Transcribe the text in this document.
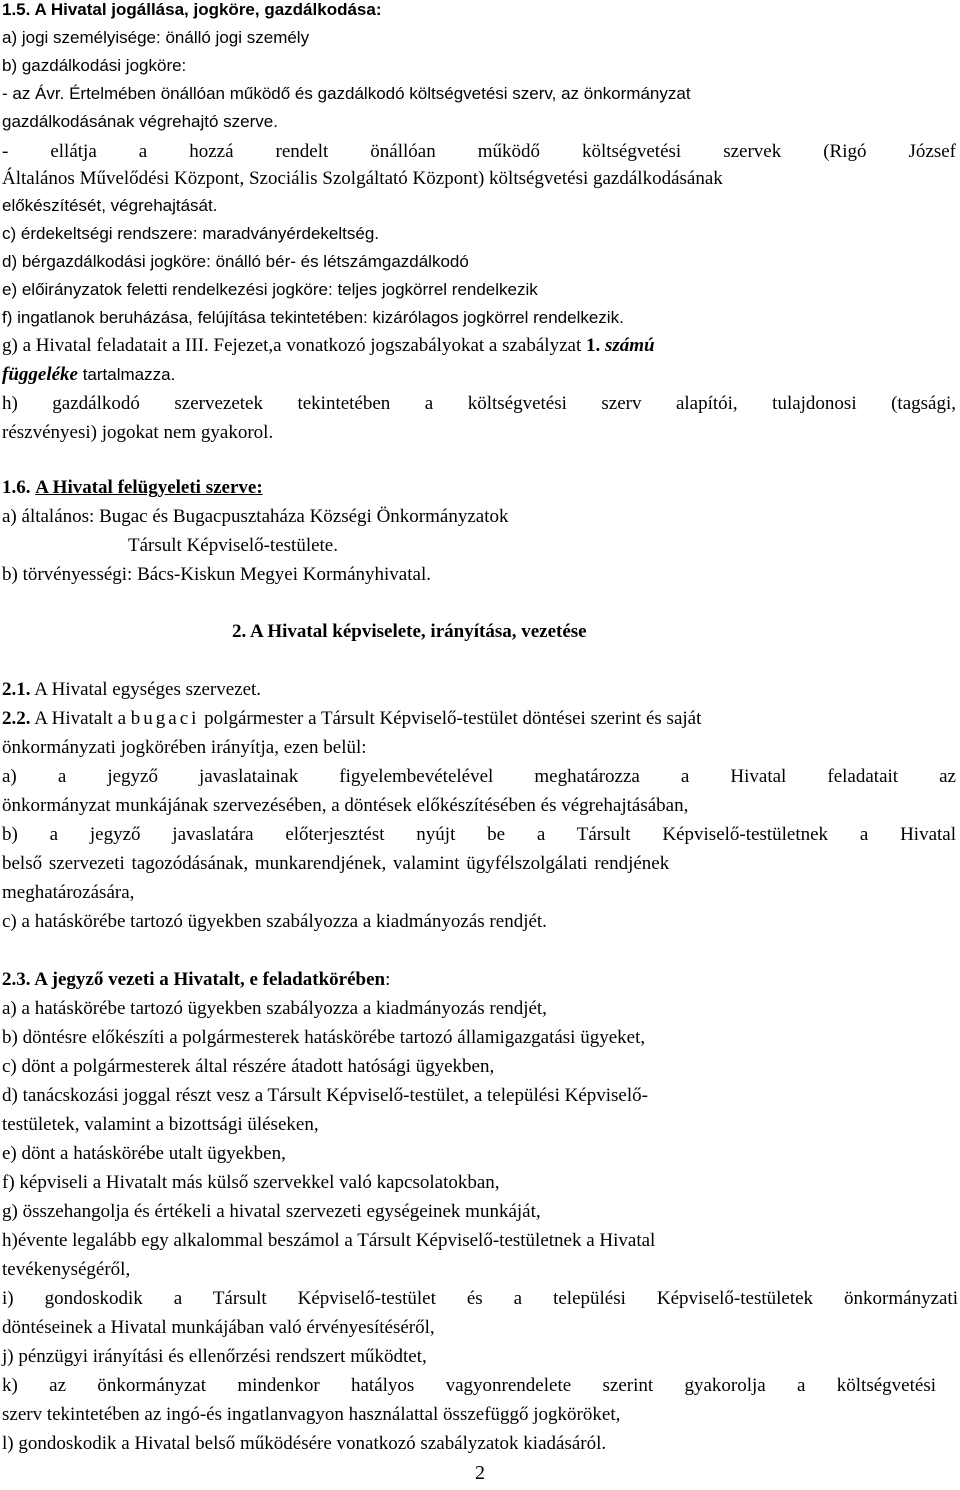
1.5. A Hivatal jogállása, jogköre, gazdálkodása:

a) jogi személyisége: önálló jogi személy

b) gazdálkodási jogköre:

- az Ávr. Értelmében önállóan működő és gazdálkodó költségvetési szerv, az önkormányzat

gazdálkodásának végrehajtó szerve.

- ellátja a hozzá rendelt önállóan működő költségvetési szervek (Rigó József

Általános Művelődési Központ, Szociális Szolgáltató Központ) költségvetési gazdálkodásának

előkészítését, végrehajtását.

c) érdekeltségi rendszere: maradványérdekeltség.

d) bérgazdálkodási jogköre: önálló bér- és létszámgazdálkodó

e) előirányzatok feletti rendelkezési jogköre: teljes jogkörrel rendelkezik

f) ingatlanok beruházása, felújítása tekintetében: kizárólagos jogkörrel rendelkezik.

g) a Hivatal feladatait a III. Fejezet,a vonatkozó jogszabályokat a szabályzat 1. számú

függeléke tartalmazza.

h) gazdálkodó szervezetek tekintetében a költségvetési szerv alapítói, tulajdonosi (tagsági,

részvényesi) jogokat nem gyakorol.

1.6. A Hivatal felügyeleti szerve:

a) általános: Bugac és Bugacpusztaháza Községi Önkormányzatok

Társult Képviselő-testülete.

b) törvényességi: Bács-Kiskun Megyei Kormányhivatal.

2. A Hivatal képviselete, irányítása, vezetése

2.1. A Hivatal egységes szervezet.

2.2. A Hivatalt a bugaci polgármester a Társult Képviselő-testület döntései szerint és saját

önkormányzati jogkörében irányítja, ezen belül:

a) a jegyző javaslatainak figyelembevételével meghatározza a Hivatal feladatait az

önkormányzat munkájának szervezésében, a döntések előkészítésében és végrehajtásában,

b) a jegyző javaslatára előterjesztést nyújt be a Társult Képviselő-testületnek a Hivatal

belső szervezeti tagozódásának, munkarendjének, valamint ügyfélszolgálati rendjének

meghatározására,

c) a hatáskörébe tartozó ügyekben szabályozza a kiadmányozás rendjét.

2.3. A jegyző vezeti a Hivatalt, e feladatkörében:

a) a hatáskörébe tartozó ügyekben szabályozza a kiadmányozás rendjét,

b) döntésre előkészíti a polgármesterek hatáskörébe tartozó államigazgatási ügyeket,

c) dönt a polgármesterek által részére átadott hatósági ügyekben,

d) tanácskozási joggal részt vesz a Társult Képviselő-testület, a települési Képviselő-

testületek, valamint a bizottsági üléseken,

e) dönt a hatáskörébe utalt ügyekben,

f) képviseli a Hivatalt más külső szervekkel való kapcsolatokban,

g) összehangolja és értékeli a hivatal szervezeti egységeinek munkáját,

h)évente legalább egy alkalommal beszámol a Társult Képviselő-testületnek a Hivatal

tevékenységéről,

i) gondoskodik a Társult Képviselő-testület és a települési Képviselő-testületek önkormányzati

döntéseinek a Hivatal munkájában való érvényesítéséről,

j) pénzügyi irányítási és ellenőrzési rendszert működtet,

k) az önkormányzat mindenkor hatályos vagyonrendelete szerint gyakorolja a költségvetési

szerv tekintetében az ingó-és ingatlanvagyon használattal összefüggő jogköröket,

l) gondoskodik a Hivatal belső működésére vonatkozó szabályzatok kiadásáról.

2
